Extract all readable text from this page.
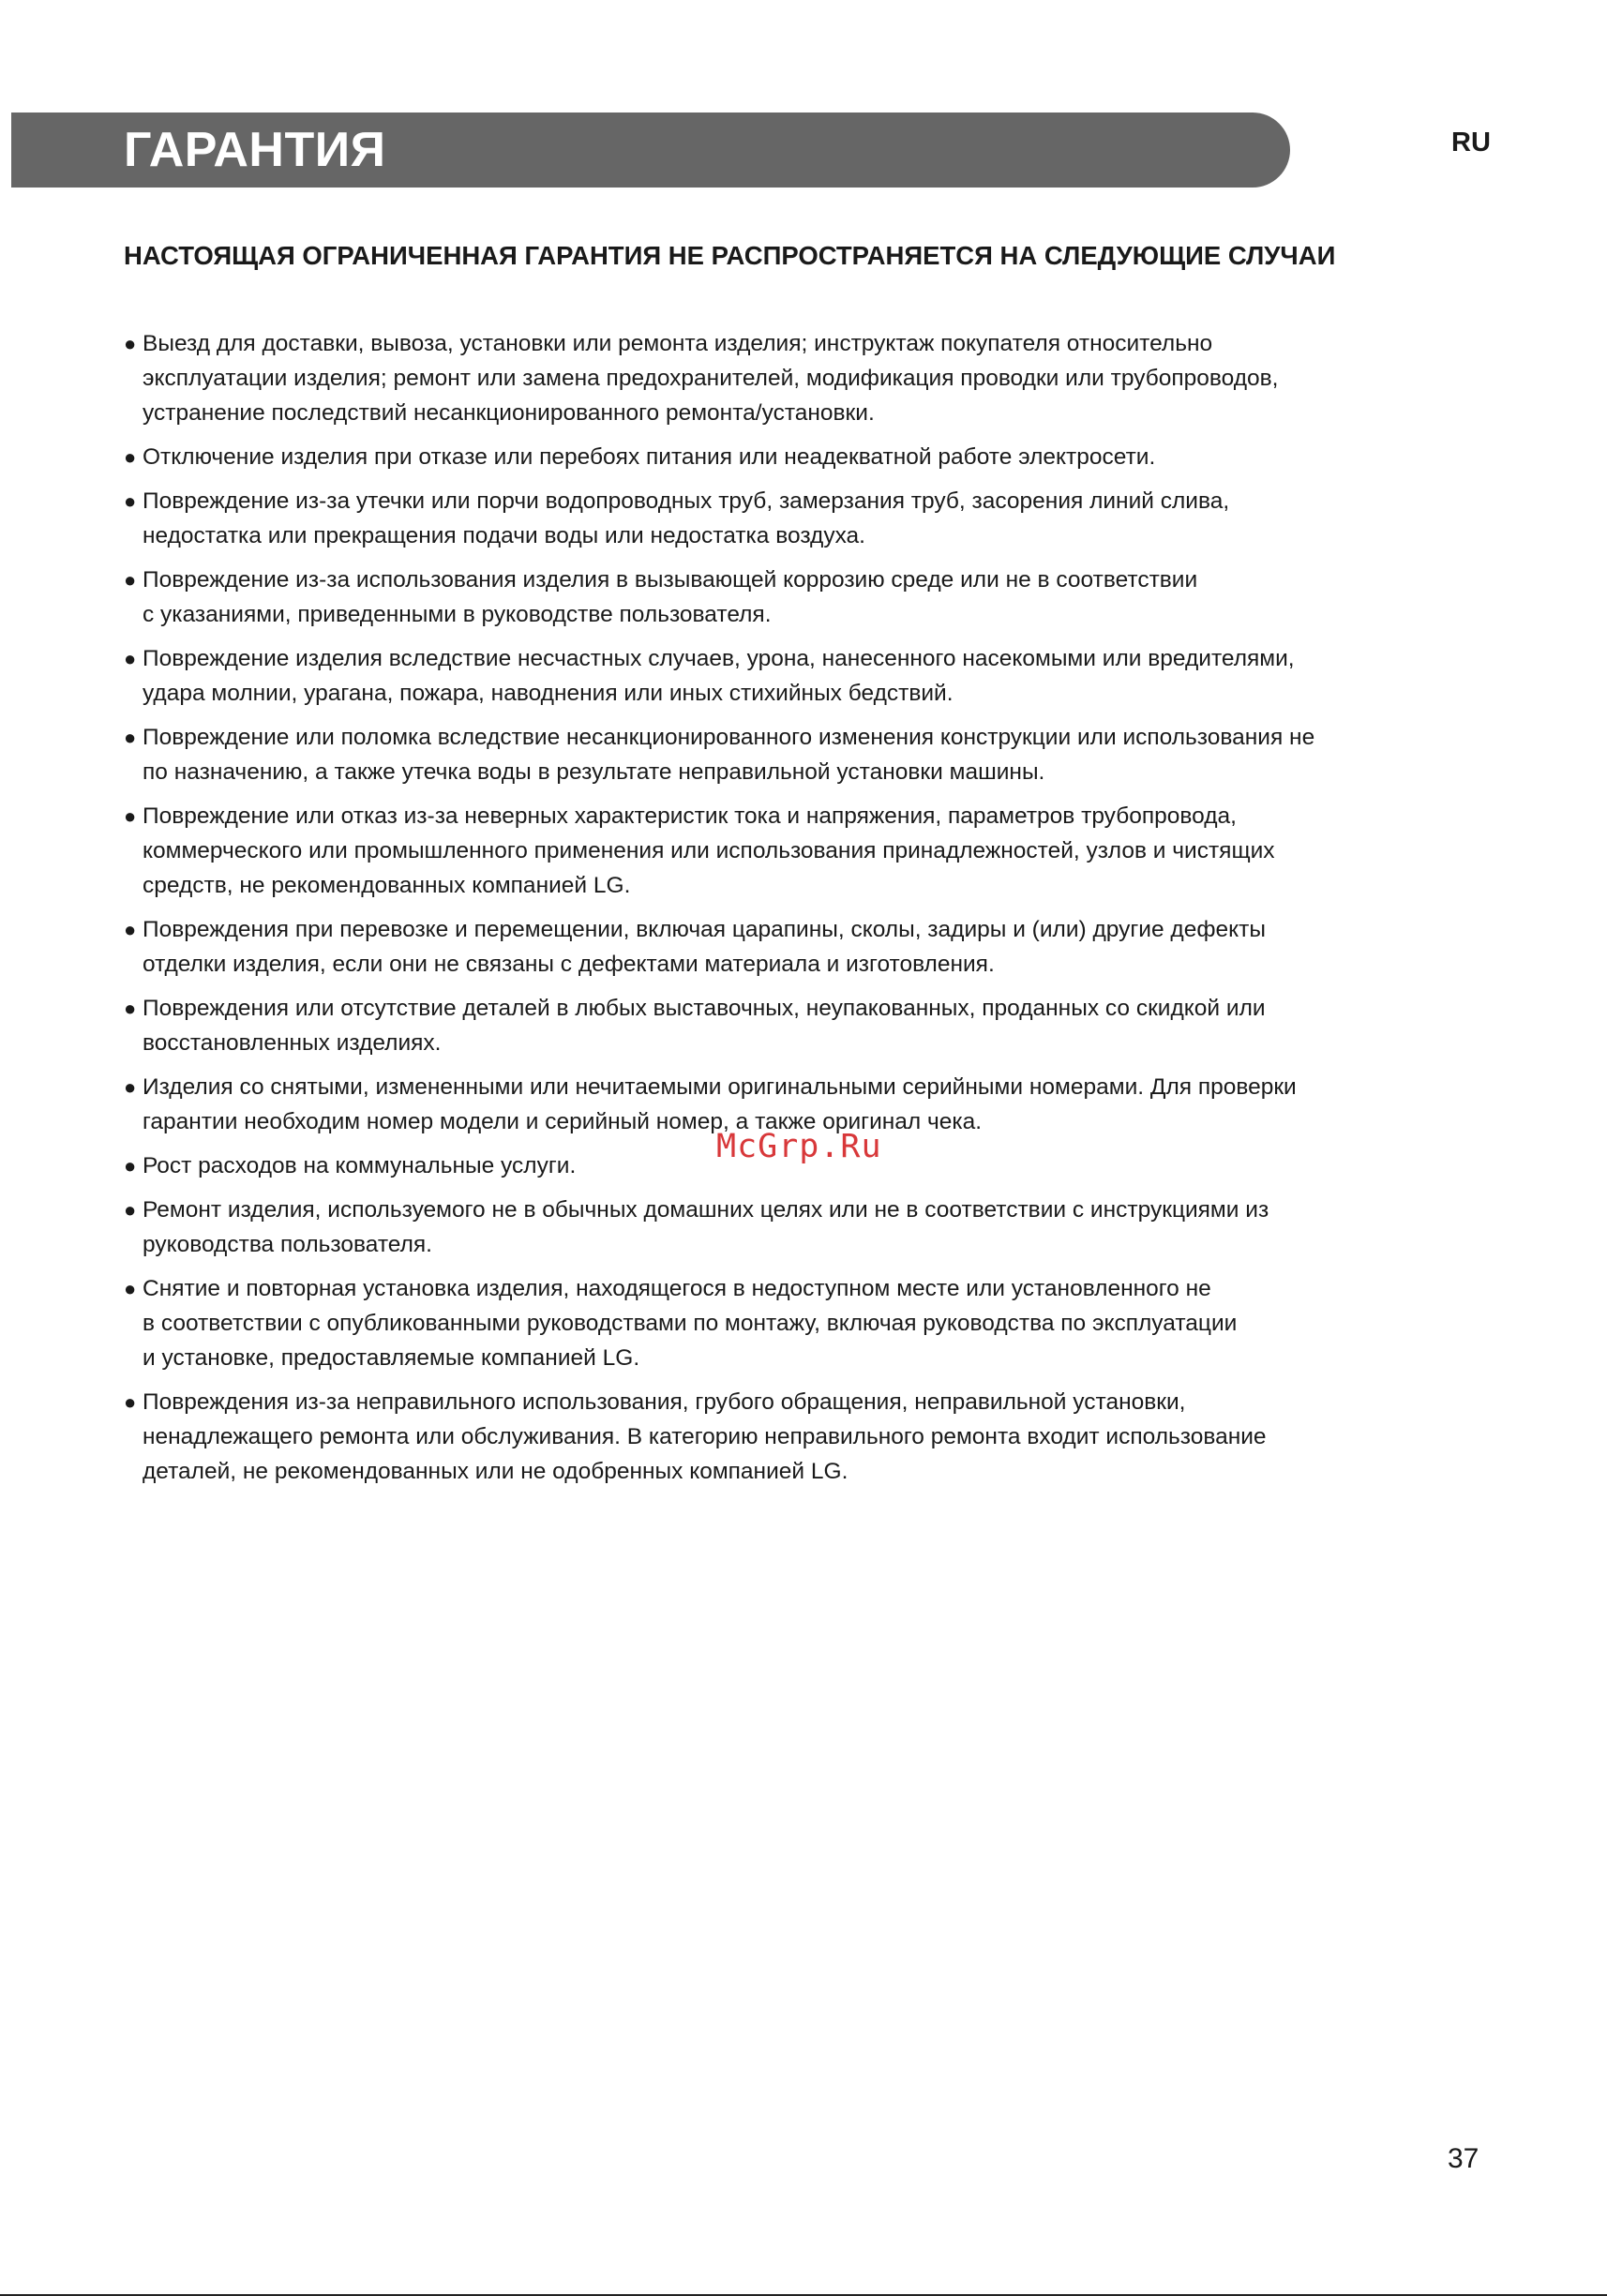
ГАРАНТИЯ	RU
НАСТОЯЩАЯ ОГРАНИЧЕННАЯ ГАРАНТИЯ НЕ РАСПРОСТРАНЯЕТСЯ НА СЛЕДУЮЩИЕ СЛУЧАИ
● Выезд для доставки, вывоза, установки или ремонта изделия; инструктаж покупателя относительно
эксплуатации изделия; ремонт или замена предохранителей, модификация проводки или трубопроводов,
устранение последствий несанкционированного ремонта/установки.
● Отключение изделия при отказе или перебоях питания или неадекватной работе электросети.
● Повреждение из-за утечки или порчи водопроводных труб, замерзания труб, засорения линий слива,
недостатка или прекращения подачи воды или недостатка воздуха.
● Повреждение из-за использования изделия в вызывающей коррозию среде или не в соответствии
с указаниями, приведенными в руководстве пользователя.
● Повреждение изделия вследствие несчастных случаев, урона, нанесенного насекомыми или вредителями,
удара молнии, урагана, пожара, наводнения или иных стихийных бедствий.
● Повреждение или поломка вследствие несанкционированного изменения конструкции или использования не
по назначению, а также утечка воды в результате неправильной установки машины.
● Повреждение или отказ из-за неверных характеристик тока и напряжения, параметров трубопровода,
коммерческого или промышленного применения или использования принадлежностей, узлов и чистящих
средств, не рекомендованных компанией LG.
● Повреждения при перевозке и перемещении, включая царапины, сколы, задиры и (или) другие дефекты
отделки изделия, если они не связаны с дефектами материала и изготовления.
● Повреждения или отсутствие деталей в любых выставочных, неупакованных, проданных со скидкой или
восстановленных изделиях.
● Изделия со снятыми, измененными или нечитаемыми оригинальными серийными номерами. Для проверки
гарантии необходим номер модели и серийный номер, а также оригинал чека.
● Рост расходов на коммунальные услуги.
● Ремонт изделия, используемого не в обычных домашних целях или не в соответствии с инструкциями из
руководства пользователя.
● Снятие и повторная установка изделия, находящегося в недоступном месте или установленного не
в соответствии с опубликованными руководствами по монтажу, включая руководства по эксплуатации
и установке, предоставляемые компанией LG.
● Повреждения из-за неправильного использования, грубого обращения, неправильной установки,
ненадлежащего ремонта или обслуживания. В категорию неправильного ремонта входит использование
деталей, не рекомендованных или не одобренных компанией LG.
McGrp.Ru
37
